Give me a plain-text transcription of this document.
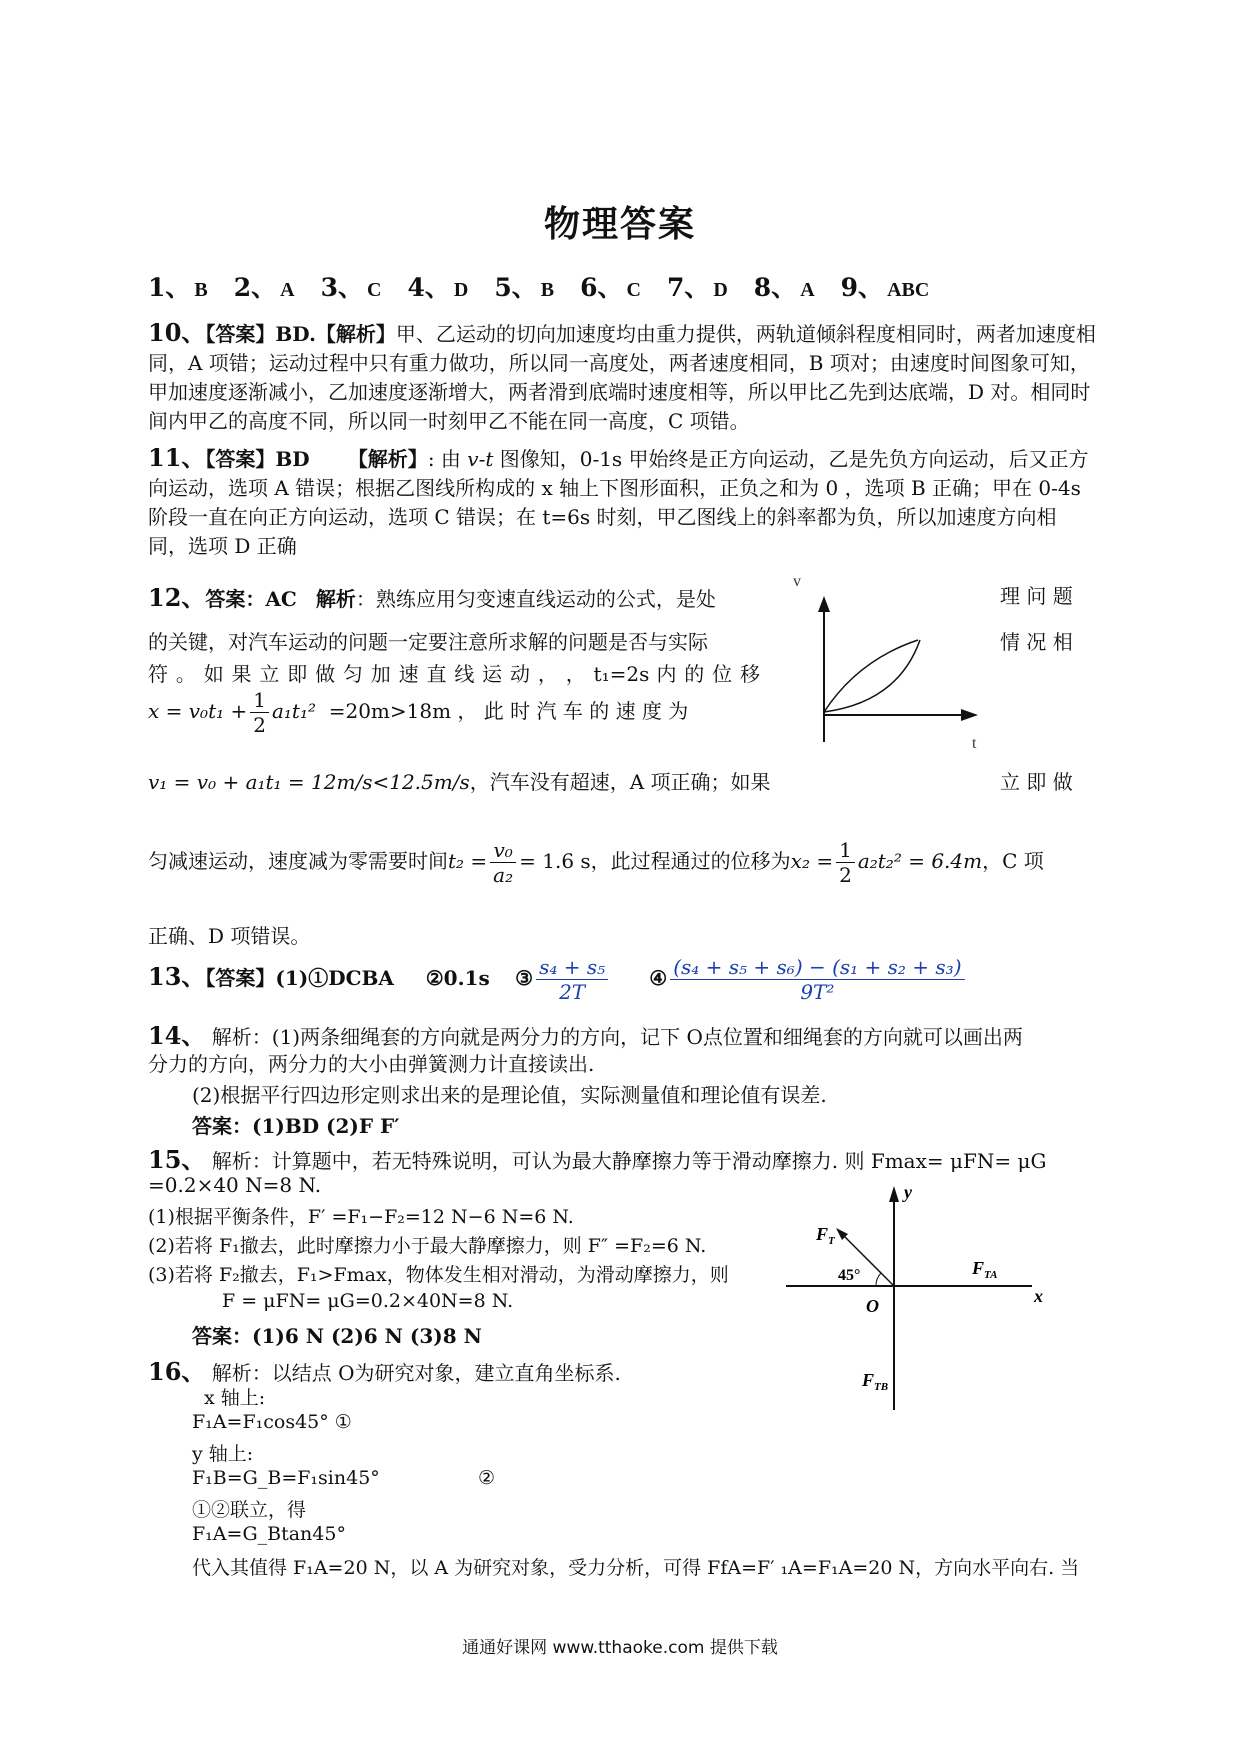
物理答案
1、 B 2、 A 3、 C 4、 D 5、 B 6、 C 7、 D 8、 A 9、 ABC
10、【答案】BD.【解析】甲、乙运动的切向加速度均由重力提供，两轨道倾斜程度相同时，两者加速度相同，A 项错；运动过程中只有重力做功，所以同一高度处，两者速度相同，B 项对；由速度时间图象可知，甲加速度逐渐减小，乙加速度逐渐增大，两者滑到底端时速度相等，所以甲比乙先到达底端，D 对。相同时间内甲乙的高度不同，所以同一时刻甲乙不能在同一高度，C 项错。
11、【答案】BD 【解析】: 由 v-t 图像知，0-1s 甲始终是正方向运动，乙是先负方向运动，后又正方向运动，选项 A 错误；根据乙图线所构成的 x 轴上下图形面积，正负之和为 0 ，选项 B 正确；甲在 0-4s 阶段一直在向正方向运动，选项 C 错误；在 t=6s 时刻，甲乙图线上的斜率都为负，所以加速度方向相同，选项 D 正确
12、答案：AC 解析：熟练应用匀变速直线运动的公式，是处	理 问 题
的关键，对汽车运动的问题一定要注意所求解的问题是否与实际	情 况 相
符 。 如 果 立 即 做 匀 加 速 直 线 运 动 ， ， t₁=2s 内 的 位 移
$x = v_0t_1 + \frac{1}{2} a_1t_1^2 =20m>18m$ ， 此 时 汽 车 的 速 度 为
v₁ = v₀ + a₁t₁ = 12m/s<12.5m/s，汽车没有超速，A 项正确；如果	立 即 做
v
t
匀减速运动，速度减为零需要时间$t_2 = \frac{\text{v₀}}{\text{a₂}} = 1.6$ s，此过程通过的位移为$x_2 = \frac{1}{2} a_2t_2^2 = 6.4m$，C 项
正确、D 项错误。
13、【答案】(1)①DCBA ②0.1s ③ $\frac{\text{s₄ + s₅}}{2T}$ ④ $\frac{\text{(s₄ + s₅ + s₆) − (s₁ + s₂ + s₃)}}{\text{9T²}}$
14、 解析：(1)两条细绳套的方向就是两分力的方向，记下 O点位置和细绳套的方向就可以画出两
分力的方向，两分力的大小由弹簧测力计直接读出.
(2)根据平行四边形定则求出来的是理论值，实际测量值和理论值有误差.
答案：(1)BD (2)F F′
15、 解析：计算题中，若无特殊说明，可认为最大静摩擦力等于滑动摩擦力. 则 Fmax= μFN= μG
=0.2×40 N=8 N.
(1)根据平衡条件，F′ =F₁−F₂=12 N−6 N=6 N.
(2)若将 F₁撤去，此时摩擦力小于最大静摩擦力，则 F″ =F₂=6 N.
(3)若将 F₂撤去，F₁>Fmax，物体发生相对滑动，为滑动摩擦力，则
F = μFN= μG=0.2×40N=8 N.
答案：(1)6 N (2)6 N (3)8 N
y
x
O
45°
$F_T$
$F_{TA}$
$F_{TB}$
16、 解析：以结点 O为研究对象，建立直角坐标系.
x 轴上:
F₁A=F₁cos45° ①
y 轴上:
F₁B=G_B=F₁sin45°	②
①②联立，得
F₁A=G_Btan45°
代入其值得 F₁A=20 N，以 A 为研究对象，受力分析，可得 FfA=F′ ₁A=F₁A=20 N，方向水平向右. 当
通通好课网 www.tthaoke.com 提供下载
